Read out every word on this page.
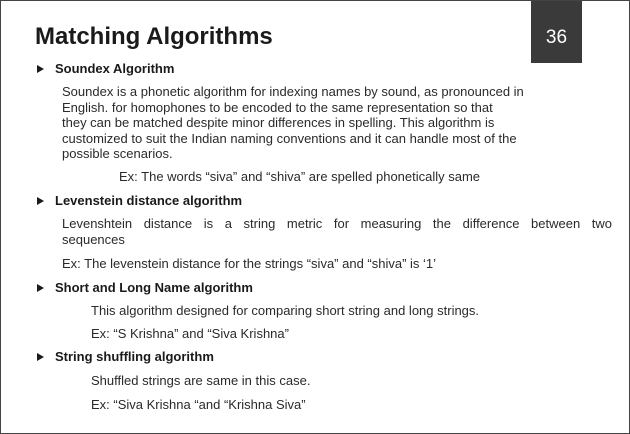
Matching Algorithms	36
Soundex Algorithm
Soundex is a phonetic algorithm for indexing names by sound, as pronounced in
English. for homophones to be encoded to the same representation so that
they can be matched despite minor differences in spelling. This algorithm is
customized to suit the Indian naming conventions and it can handle most of the
possible scenarios.
Ex: The words “siva” and “shiva” are spelled phonetically same
Levenstein distance algorithm
Levenshtein distance is a string metric for measuring the difference between two
sequences
Ex: The levenstein distance for the strings “siva” and “shiva” is ‘1’
Short and Long Name algorithm
This algorithm designed for comparing short string and long strings.
Ex: “S Krishna” and “Siva Krishna”
String shuffling algorithm
Shuffled strings are same in this case.
Ex: “Siva Krishna “and “Krishna Siva”
